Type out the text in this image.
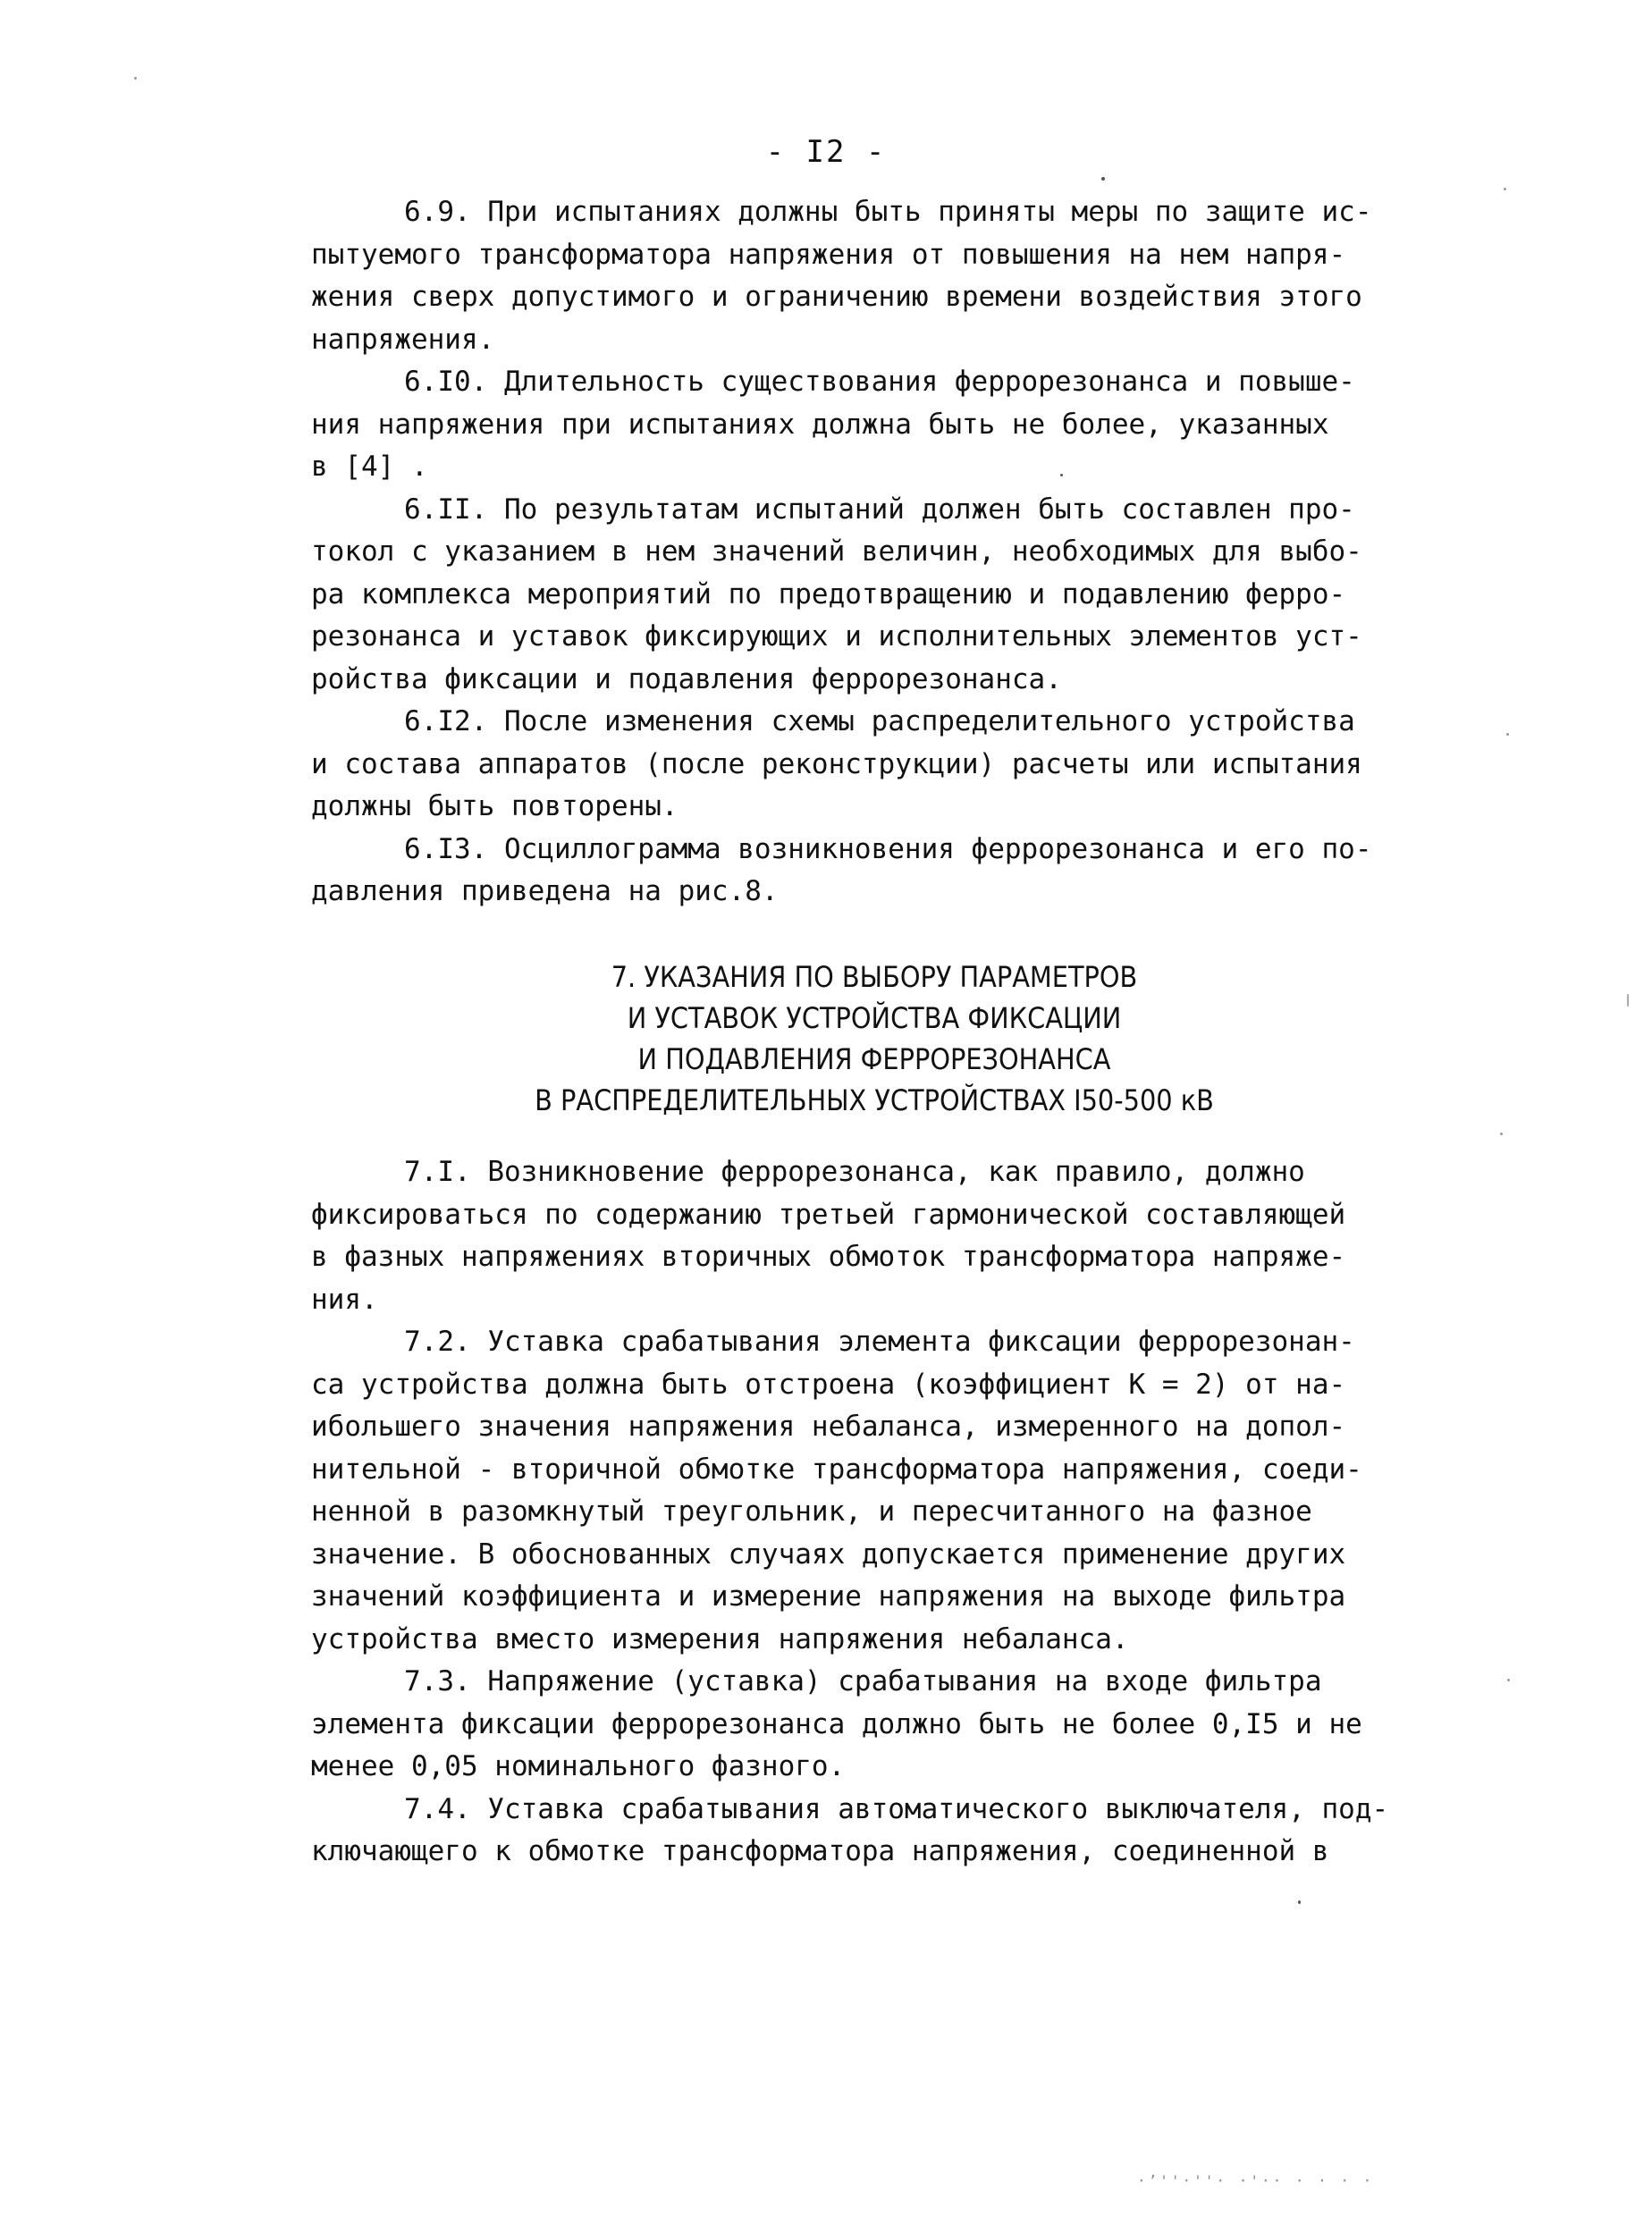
- I2 -

6.9. При испытаниях должны быть приняты меры по защите ис-
пытуемого трансформатора напряжения от повышения на нем напря-
жения сверх допустимого и ограничению времени воздействия этого
напряжения.

6.I0. Длительность существования феррорезонанса и повыше-
ния напряжения при испытаниях должна быть не более, указанных
в [4] .

6.II. По результатам испытаний должен быть составлен про-
токол с указанием в нем значений величин, необходимых для выбо-
ра комплекса мероприятий по предотвращению и подавлению ферро-
резонанса и уставок фиксирующих и исполнительных элементов уст-
ройства фиксации и подавления феррорезонанса.

6.I2. После изменения схемы распределительного устройства
и состава аппаратов (после реконструкции) расчеты или испытания
должны быть повторены.

6.I3. Осциллограмма возникновения феррорезонанса и его по-
давления приведена на рис.8.

7. УКАЗАНИЯ ПО ВЫБОРУ ПАРАМЕТРОВ
И УСТАВОК УСТРОЙСТВА ФИКСАЦИИ
И ПОДАВЛЕНИЯ ФЕРРОРЕЗОНАНСА
В РАСПРЕДЕЛИТЕЛЬНЫХ УСТРОЙСТВАХ I50-500 кВ

7.I. Возникновение феррорезонанса, как правило, должно
фиксироваться по содержанию третьей гармонической составляющей
в фазных напряжениях вторичных обмоток трансформатора напряже-
ния.

7.2. Уставка срабатывания элемента фиксации феррорезонан-
са устройства должна быть отстроена (коэффициент К = 2) от на-
ибольшего значения напряжения небаланса, измеренного на допол-
нительной - вторичной обмотке трансформатора напряжения, соеди-
ненной в разомкнутый треугольник, и пересчитанного на фазное
значение. В обоснованных случаях допускается применение других
значений коэффициента и измерение напряжения на выходе фильтра
устройства вместо измерения напряжения небаланса.

7.3. Напряжение (уставка) срабатывания на входе фильтра
элемента фиксации феррорезонанса должно быть не более 0,I5 и не
менее 0,05 номинального фазного.

7.4. Уставка срабатывания автоматического выключателя, под-
ключающего к обмотке трансформатора напряжения, соединенной в

·ʼ''·''· ·'·· · · · ·
